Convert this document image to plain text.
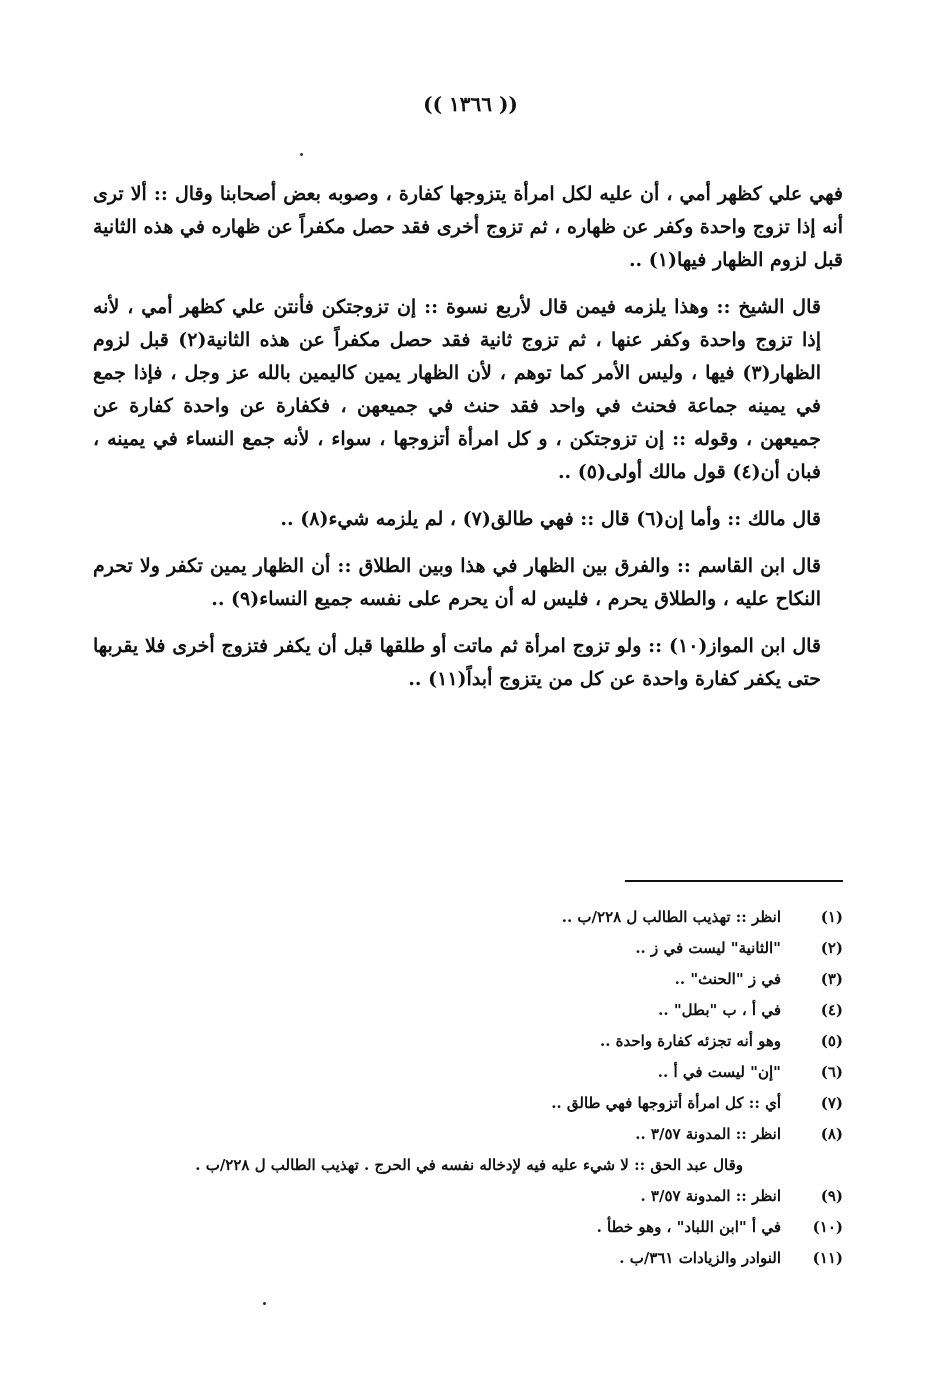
(( ١٣٦٦ ))

فهي علي كظهر أمي ، أن عليه لكل امرأة يتزوجها كفارة ، وصوبه بعض أصحابنا وقال :: ألا ترى أنه إذا تزوج واحدة وكفر عن ظهاره ، ثم تزوج أخرى فقد حصل مكفراً عن ظهاره في هذه الثانية قبل لزوم الظهار فيها(١) ..

قال الشيخ :: وهذا يلزمه فيمن قال لأربع نسوة :: إن تزوجتكن فأنتن علي كظهر أمي ، لأنه إذا تزوج واحدة وكفر عنها ، ثم تزوج ثانية فقد حصل مكفراً عن هذه الثانية(٢) قبل لزوم الظهار(٣) فيها ، وليس الأمر كما توهم ، لأن الظهار يمين كاليمين بالله عز وجل ، فإذا جمع في يمينه جماعة فحنث في واحد فقد حنث في جميعهن ، فكفارة عن واحدة كفارة عن جميعهن ، وقوله :: إن تزوجتكن ، و كل امرأة أتزوجها ، سواء ، لأنه جمع النساء في يمينه ، فبان أن(٤) قول مالك أولى(٥) ..

قال مالك :: وأما إن(٦) قال :: فهي طالق(٧) ، لم يلزمه شيء(٨) ..

قال ابن القاسم :: والفرق بين الظهار في هذا وبين الطلاق :: أن الظهار يمين تكفر ولا تحرم النكاح عليه ، والطلاق يحرم ، فليس له أن يحرم على نفسه جميع النساء(٩) ..

قال ابن المواز(١٠) :: ولو تزوج امرأة ثم ماتت أو طلقها قبل أن يكفر فتزوج أخرى فلا يقربها حتى يكفر كفارة واحدة عن كل من يتزوج أبداً(١١) ..

(١)
انظر :: تهذيب الطالب ل ٢٢٨/ب ..
(٢)
"الثانية" ليست في ز ..
(٣)
في ز "الحنث" ..
(٤)
في أ ، ب "بطل" ..
(٥)
وهو أنه تجزئه كفارة واحدة ..
(٦)
"إن" ليست في أ ..
(٧)
أي :: كل امرأة أتزوجها فهي طالق ..
(٨)
انظر :: المدونة ٣/٥٧ ..
وقال عبد الحق :: لا شيء عليه فيه لإدخاله نفسه في الحرج . تهذيب الطالب ل ٢٢٨/ب .
(٩)
انظر :: المدونة ٣/٥٧ .
(١٠)
في أ "ابن اللباد" ، وهو خطأ .
(١١)
النوادر والزيادات ٣٦١/ب .
